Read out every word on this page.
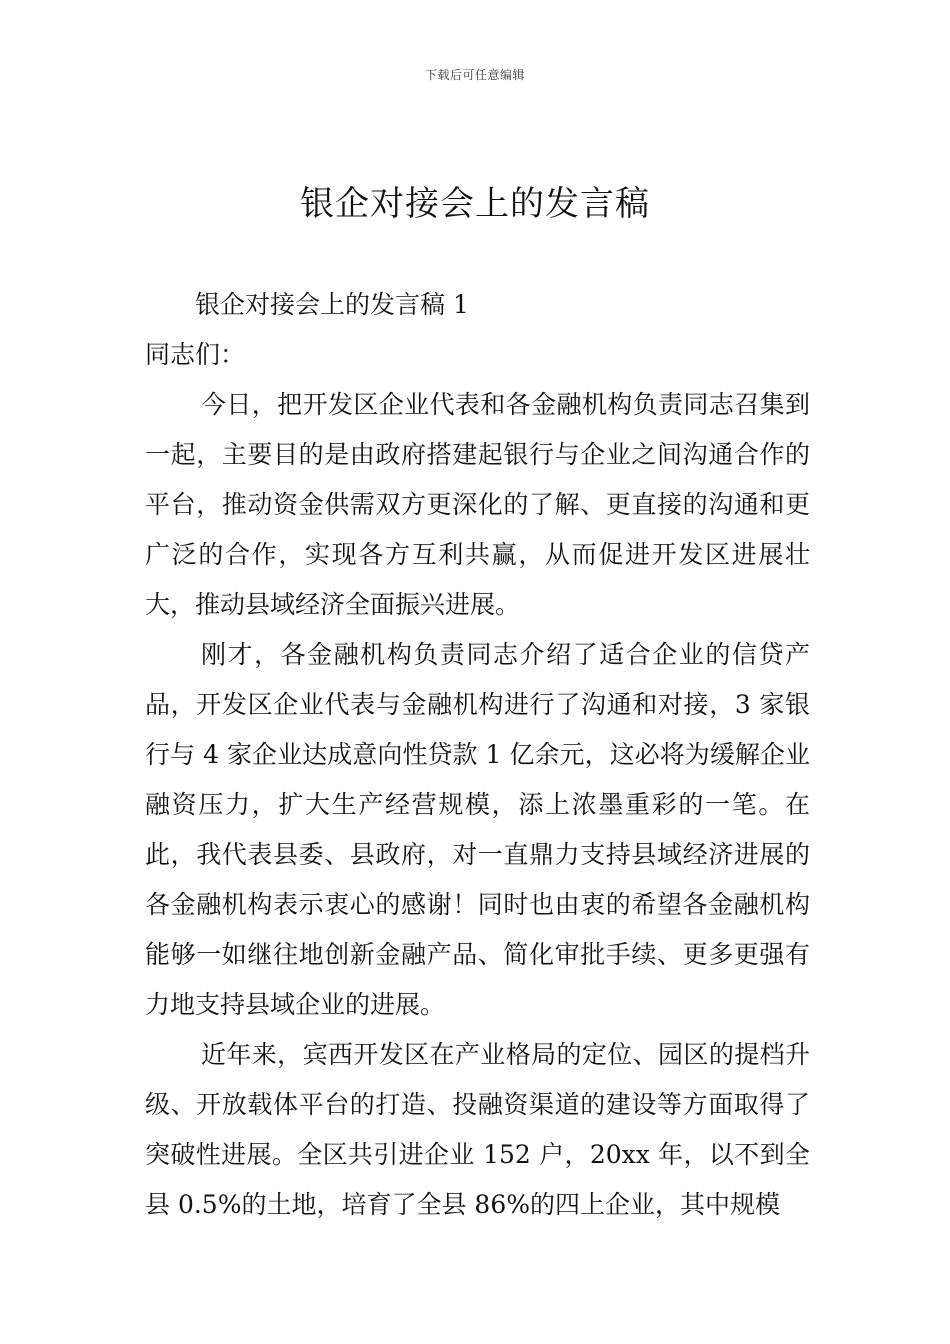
下载后可任意编辑
银企对接会上的发言稿

银企对接会上的发言稿 1

同志们：

今日，把开发区企业代表和各金融机构负责同志召集到一起，主要目的是由政府搭建起银行与企业之间沟通合作的平台，推动资金供需双方更深化的了解、更直接的沟通和更广泛的合作，实现各方互利共赢，从而促进开发区进展壮大，推动县域经济全面振兴进展。

刚才，各金融机构负责同志介绍了适合企业的信贷产品，开发区企业代表与金融机构进行了沟通和对接，3 家银行与 4 家企业达成意向性贷款 1 亿余元，这必将为缓解企业融资压力，扩大生产经营规模，添上浓墨重彩的一笔。在此，我代表县委、县政府，对一直鼎力支持县域经济进展的各金融机构表示衷心的感谢！同时也由衷的希望各金融机构能够一如继往地创新金融产品、简化审批手续、更多更强有力地支持县域企业的进展。

近年来，宾西开发区在产业格局的定位、园区的提档升级、开放载体平台的打造、投融资渠道的建设等方面取得了突破性进展。全区共引进企业 152 户，20xx 年，以不到全县 0.5%的土地，培育了全县 86%的四上企业，其中规模
